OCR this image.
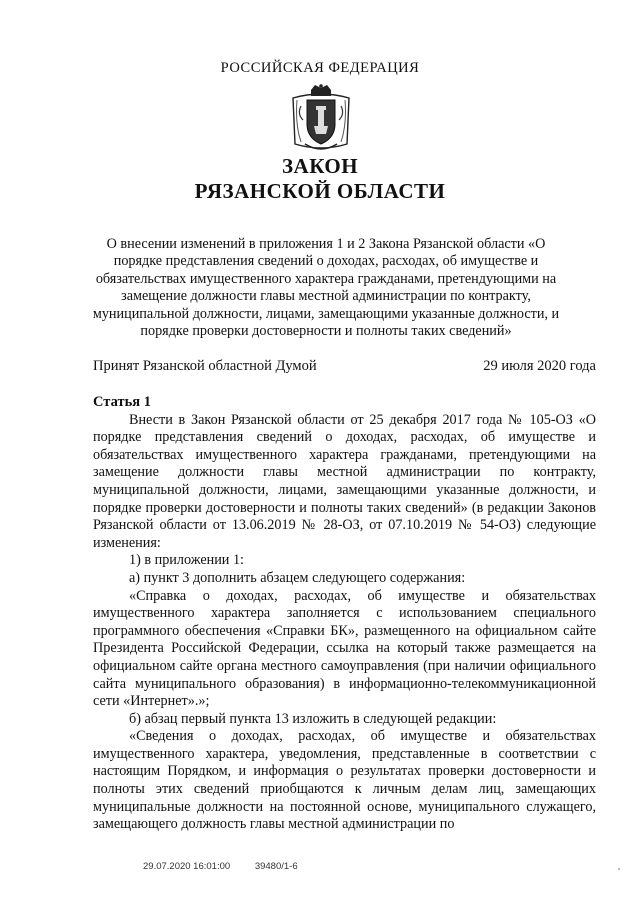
РОССИЙСКАЯ ФЕДЕРАЦИЯ
ЗАКОН
РЯЗАНСКОЙ ОБЛАСТИ
О внесении изменений в приложения 1 и 2 Закона Рязанской области «О порядке представления сведений о доходах, расходах, об имуществе и обязательствах имущественного характера гражданами, претендующими на замещение должности главы местной администрации по контракту, муниципальной должности, лицами, замещающими указанные должности, и порядке проверки достоверности и полноты таких сведений»
Принят Рязанской областной Думой	29 июля 2020 года

Статья 1

Внести в Закон Рязанской области от 25 декабря 2017 года № 105-ОЗ «О порядке представления сведений о доходах, расходах, об имуществе и обязательствах имущественного характера гражданами, претендующими на замещение должности главы местной администрации по контракту, муниципальной должности, лицами, замещающими указанные должности, и порядке проверки достоверности и полноты таких сведений» (в редакции Законов Рязанской области от 13.06.2019 № 28-ОЗ, от 07.10.2019 № 54-ОЗ) следующие изменения:

1) в приложении 1:

а) пункт 3 дополнить абзацем следующего содержания:

«Справка о доходах, расходах, об имуществе и обязательствах имущественного характера заполняется с использованием специального программного обеспечения «Справки БК», размещенного на официальном сайте Президента Российской Федерации, ссылка на который также размещается на официальном сайте органа местного самоуправления (при наличии официального сайта муниципального образования) в информационно-телекоммуникационной сети «Интернет».»;

б) абзац первый пункта 13 изложить в следующей редакции:

«Сведения о доходах, расходах, об имуществе и обязательствах имущественного характера, уведомления, представленные в соответствии с настоящим Порядком, и информация о результатах проверки достоверности и полноты этих сведений приобщаются к личным делам лиц, замещающих муниципальные должности на постоянной основе, муниципального служащего, замещающего должность главы местной администрации по

29.07.2020 16:01:00	39480/1-6
